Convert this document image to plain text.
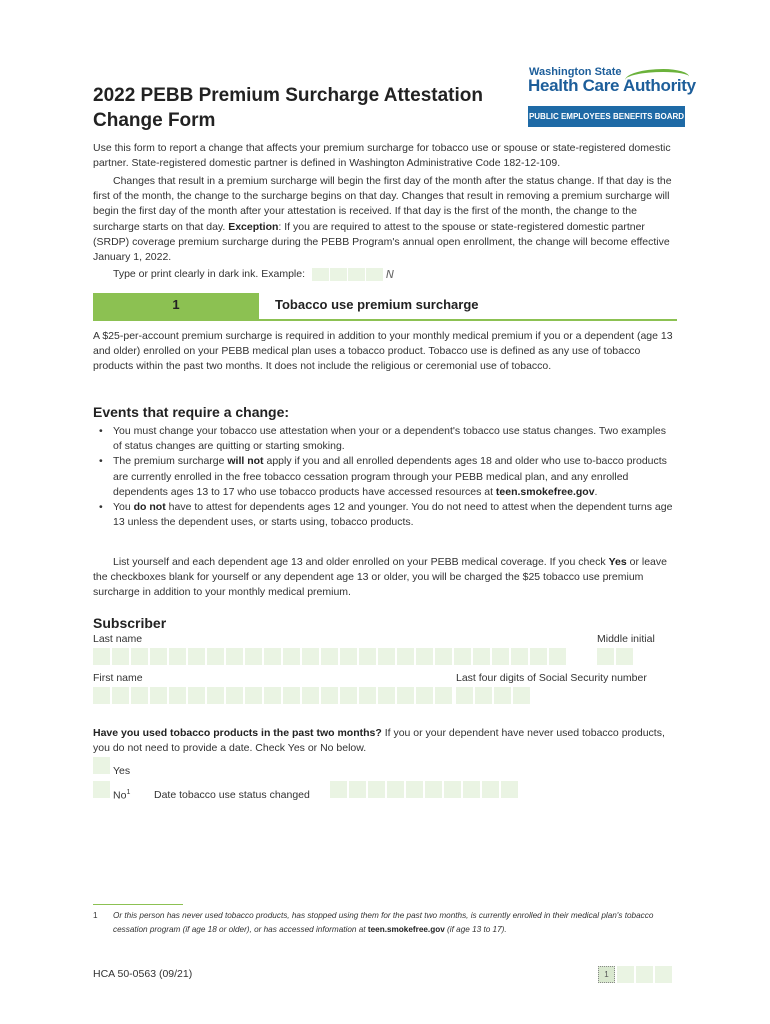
2022 PEBB Premium Surcharge Attestation
Change Form
Washington State
Health Care Authority
PUBLIC EMPLOYEES BENEFITS BOARD
Use this form to report a change that affects your premium surcharge for tobacco use or spouse or state-registered domestic partner. State-registered domestic partner is defined in Washington Administrative Code 182-12-109.
Changes that result in a premium surcharge will begin the first day of the month after the status change. If that day is the first of the month, the change to the surcharge begins on that day. Changes that result in removing a premium surcharge will begin the first day of the month after your attestation is received. If that day is the first of the month, the change to the surcharge starts on that day. Exception: If you are required to attest to the spouse or state-registered domestic partner (SRDP) coverage premium surcharge during the PEBB Program's annual open enrollment, the change will become effective January 1, 2022.
Type or print clearly in dark ink. Example:	N
1	Tobacco use premium surcharge
A $25-per-account premium surcharge is required in addition to your monthly medical premium if you or a dependent (age 13 and older) enrolled on your PEBB medical plan uses a tobacco product. Tobacco use is defined as any use of tobacco products within the past two months. It does not include the religious or ceremonial use of tobacco.
Events that require a change:
• You must change your tobacco use attestation when your or a dependent's tobacco use status changes. Two examples of status changes are quitting or starting smoking.
• The premium surcharge will not apply if you and all enrolled dependents ages 18 and older who use to-bacco products are currently enrolled in the free tobacco cessation program through your PEBB medical plan, and any enrolled dependents ages 13 to 17 who use tobacco products have accessed resources at teen.smokefree.gov.
• You do not have to attest for dependents ages 12 and younger. You do not need to attest when the dependent turns age 13 unless the dependent uses, or starts using, tobacco products.
List yourself and each dependent age 13 and older enrolled on your PEBB medical coverage. If you check Yes or leave the checkboxes blank for yourself or any dependent age 13 or older, you will be charged the $25 tobacco use premium surcharge in addition to your monthly medical premium.
Subscriber
Last name	Middle initial
First name	Last four digits of Social Security number
Have you used tobacco products in the past two months? If you or your dependent have never used tobacco products, you do not need to provide a date. Check Yes or No below.
Yes
No$^1$ Date tobacco use status changed
1 Or this person has never used tobacco products, has stopped using them for the past two months, is currently enrolled in their medical plan's tobacco cessation program (if age 18 or older), or has accessed information at teen.smokefree.gov (if age 13 to 17).
HCA 50-0563 (09/21)	1
